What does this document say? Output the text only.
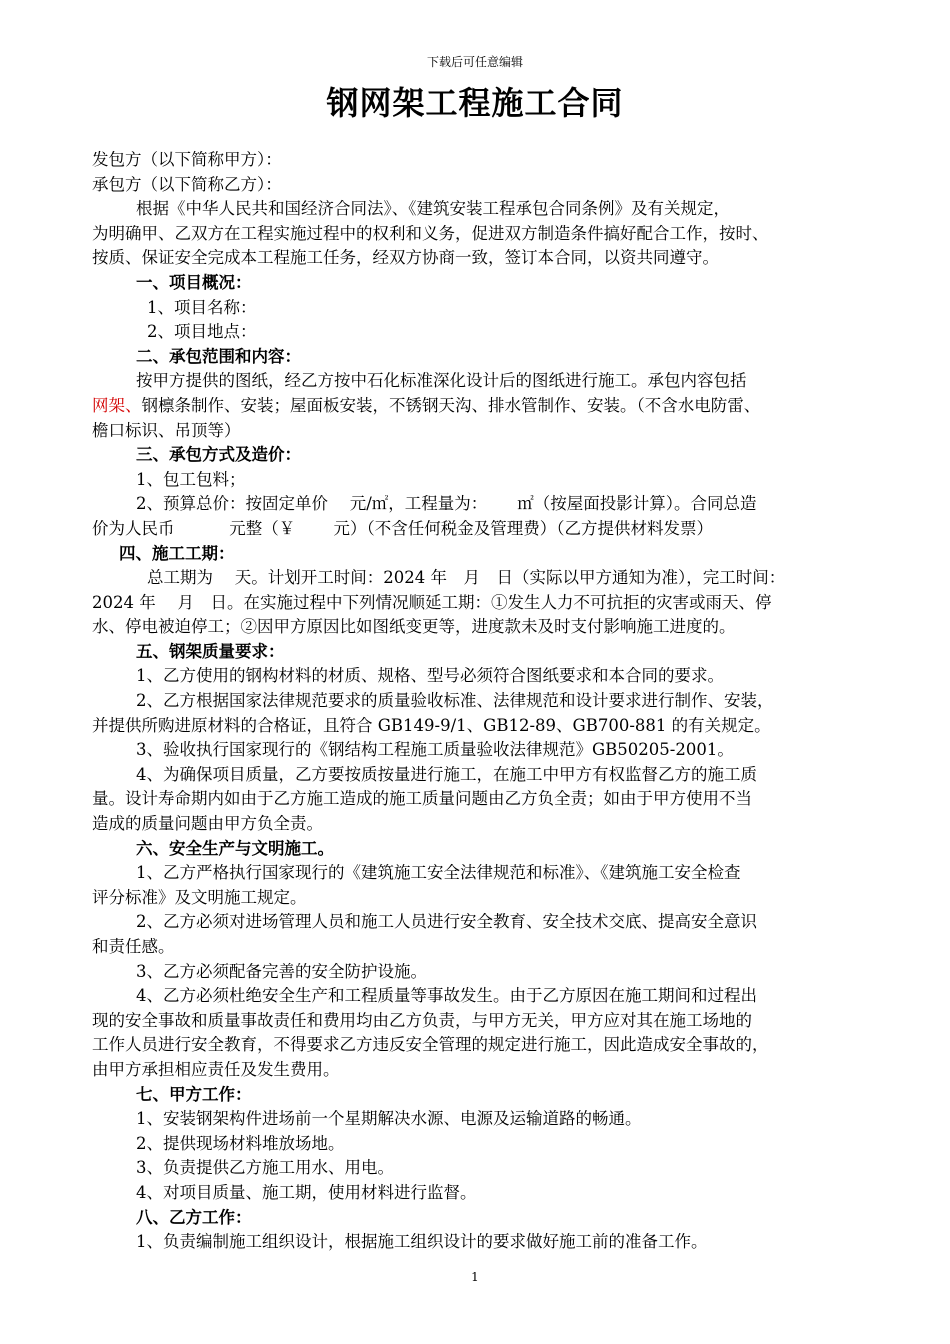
下载后可任意编辑
钢网架工程施工合同

发包方（以下简称甲方）：

承包方（以下简称乙方）：

根据《中华人民共和国经济合同法》、《建筑安装工程承包合同条例》及有关规定，

为明确甲、乙双方在工程实施过程中的权利和义务，促进双方制造条件搞好配合工作，按时、

按质、保证安全完成本工程施工任务，经双方协商一致，签订本合同，以资共同遵守。

一、项目概况：

1、项目名称：

2、项目地点：

二、承包范围和内容：

按甲方提供的图纸，经乙方按中石化标准深化设计后的图纸进行施工。承包内容包括

网架、钢檩条制作、安装；屋面板安装，不锈钢天沟、排水管制作、安装。（不含水电防雷、

檐口标识、吊顶等）

三、承包方式及造价：

1、包工包料；

2、预算总价：按固定单价　 元/㎡，工程量为：　　 ㎡（按屋面投影计算）。合同总造

价为人民币　　　 元整（￥　　 元）（不含任何税金及管理费）（乙方提供材料发票）

四、施工工期：

总工期为　 天。计划开工时间：2024 年　月　日（实际以甲方通知为准），完工时间：

2024 年　 月　日。在实施过程中下列情况顺延工期：①发生人力不可抗拒的灾害或雨天、停

水、停电被迫停工；②因甲方原因比如图纸变更等，进度款未及时支付影响施工进度的。

五、钢架质量要求：

1、乙方使用的钢构材料的材质、规格、型号必须符合图纸要求和本合同的要求。

2、乙方根据国家法律规范要求的质量验收标准、法律规范和设计要求进行制作、安装，

并提供所购进原材料的合格证，且符合 GB149-9/1、GB12-89、GB700-881 的有关规定。

3、验收执行国家现行的《钢结构工程施工质量验收法律规范》GB50205-2001。

4、为确保项目质量，乙方要按质按量进行施工，在施工中甲方有权监督乙方的施工质

量。设计寿命期内如由于乙方施工造成的施工质量问题由乙方负全责；如由于甲方使用不当

造成的质量问题由甲方负全责。

六、安全生产与文明施工。

1、乙方严格执行国家现行的《建筑施工安全法律规范和标准》、《建筑施工安全检查

评分标准》及文明施工规定。

2、乙方必须对进场管理人员和施工人员进行安全教育、安全技术交底、提高安全意识

和责任感。

3、乙方必须配备完善的安全防护设施。

4、乙方必须杜绝安全生产和工程质量等事故发生。由于乙方原因在施工期间和过程出

现的安全事故和质量事故责任和费用均由乙方负责，与甲方无关，甲方应对其在施工场地的

工作人员进行安全教育，不得要求乙方违反安全管理的规定进行施工，因此造成安全事故的，

由甲方承担相应责任及发生费用。

七、甲方工作：

1、安装钢架构件进场前一个星期解决水源、电源及运输道路的畅通。

2、提供现场材料堆放场地。

3、负责提供乙方施工用水、用电。

4、对项目质量、施工期，使用材料进行监督。

八、乙方工作：

1、负责编制施工组织设计，根据施工组织设计的要求做好施工前的准备工作。

1
